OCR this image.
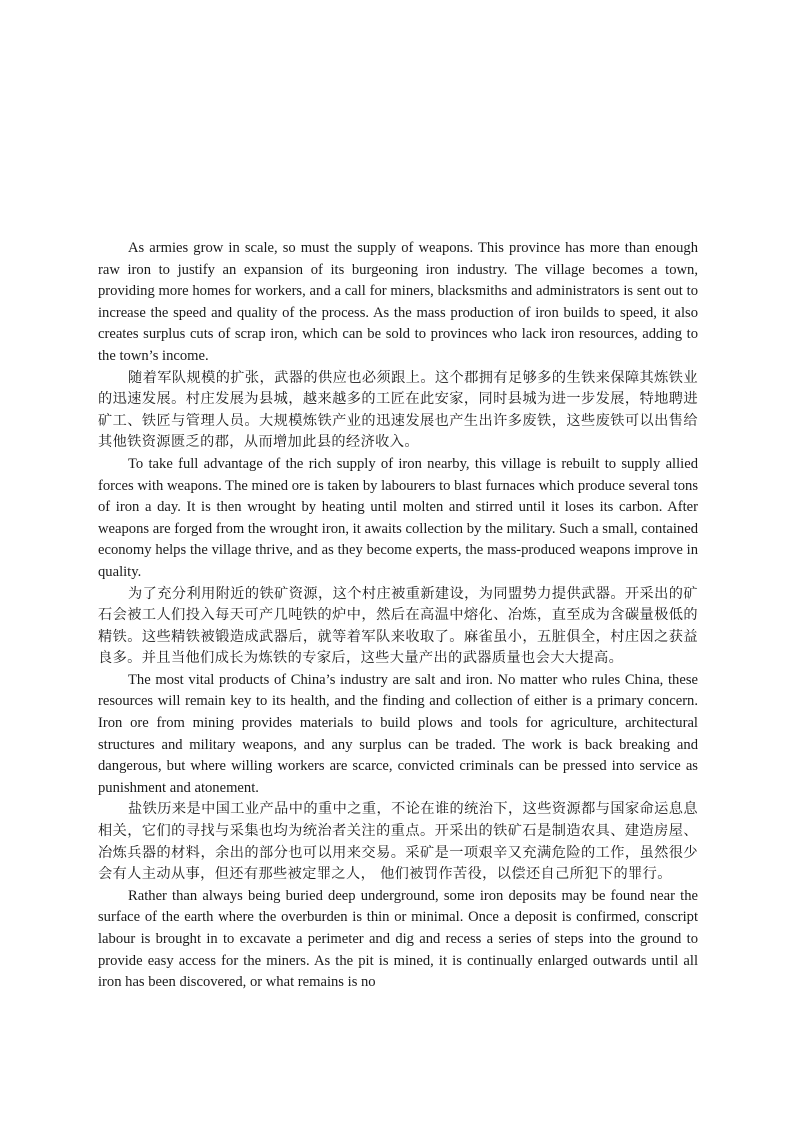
As armies grow in scale, so must the supply of weapons. This province has more than enough raw iron to justify an expansion of its burgeoning iron industry. The village becomes a town, providing more homes for workers, and a call for miners, blacksmiths and administrators is sent out to increase the speed and quality of the process. As the mass production of iron builds to speed, it also creates surplus cuts of scrap iron, which can be sold to provinces who lack iron resources, adding to the town’s income.

随着军队规模的扩张，武器的供应也必须跟上。这个郡拥有足够多的生铁来保障其炼铁业的迅速发展。村庄发展为县城，越来越多的工匠在此安家，同时县城为进一步发展，特地聘进矿工、铁匠与管理人员。大规模炼铁产业的迅速发展也产生出许多废铁，这些废铁可以出售给其他铁资源匮乏的郡，从而增加此县的经济收入。

To take full advantage of the rich supply of iron nearby, this village is rebuilt to supply allied forces with weapons. The mined ore is taken by labourers to blast furnaces which produce several tons of iron a day. It is then wrought by heating until molten and stirred until it loses its carbon. After weapons are forged from the wrought iron, it awaits collection by the military. Such a small, contained economy helps the village thrive, and as they become experts, the mass-produced weapons improve in quality.

为了充分利用附近的铁矿资源，这个村庄被重新建设，为同盟势力提供武器。开采出的矿石会被工人们投入每天可产几吨铁的炉中，然后在高温中熔化、冶炼，直至成为含碳量极低的精铁。这些精铁被锻造成武器后，就等着军队来收取了。麻雀虽小，五脏俱全，村庄因之获益良多。并且当他们成长为炼铁的专家后，这些大量产出的武器质量也会大大提高。

The most vital products of China’s industry are salt and iron. No matter who rules China, these resources will remain key to its health, and the finding and collection of either is a primary concern. Iron ore from mining provides materials to build plows and tools for agriculture, architectural structures and military weapons, and any surplus can be traded. The work is back breaking and dangerous, but where willing workers are scarce, convicted criminals can be pressed into service as punishment and atonement.

盐铁历来是中国工业产品中的重中之重，不论在谁的统治下，这些资源都与国家命运息息相关，它们的寻找与采集也均为统治者关注的重点。开采出的铁矿石是制造农具、建造房屋、冶炼兵器的材料，余出的部分也可以用来交易。采矿是一项艰辛又充满危险的工作，虽然很少会有人主动从事，但还有那些被定罪之人， 他们被罚作苦役，以偿还自己所犯下的罪行。

Rather than always being buried deep underground, some iron deposits may be found near the surface of the earth where the overburden is thin or minimal. Once a deposit is confirmed, conscript labour is brought in to excavate a perimeter and dig and recess a series of steps into the ground to provide easy access for the miners. As the pit is mined, it is continually enlarged outwards until all iron has been discovered, or what remains is no
